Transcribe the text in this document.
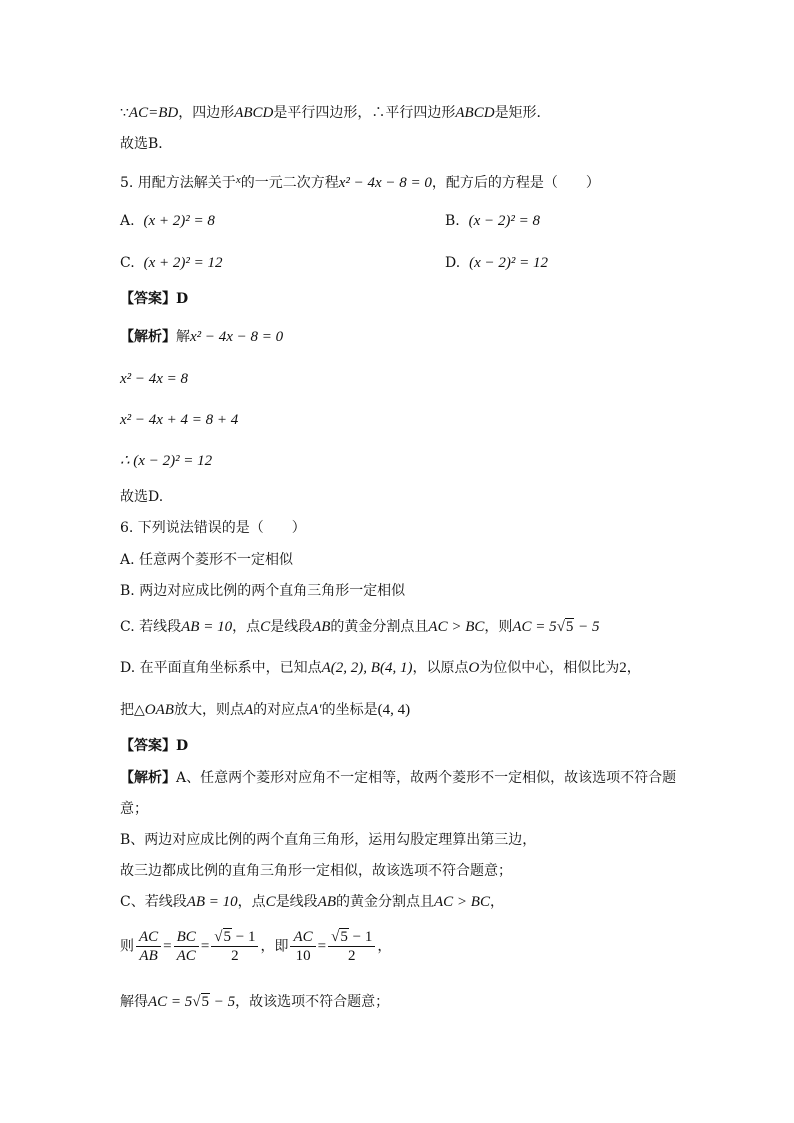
∵AC=BD，四边形ABCD是平行四边形，∴平行四边形ABCD是矩形．
故选B．
5. 用配方法解关于$^x$的一元二次方程x² − 4x − 8 = 0，配方后的方程是（　　）
A. (x + 2)² = 8	B. (x − 2)² = 8
C. (x + 2)² = 12	D. (x − 2)² = 12
【答案】D
【解析】解x² − 4x − 8 = 0
x² − 4x = 8
x² − 4x + 4 = 8 + 4
∴ (x − 2)² = 12
故选D.
6. 下列说法错误的是（　　）
A. 任意两个菱形不一定相似
B. 两边对应成比例的两个直角三角形一定相似
C. 若线段AB = 10，点C是线段AB的黄金分割点且AC > BC，则AC = 5√5 − 5
D. 在平面直角坐标系中，已知点A(2, 2), B(4, 1)，以原点O为位似中心，相似比为2，
把△OAB放大，则点A的对应点A′的坐标是(4, 4)
【答案】D
【解析】A、任意两个菱形对应角不一定相等，故两个菱形不一定相似，故该选项不符合题
意；
B、两边对应成比例的两个直角三角形，运用勾股定理算出第三边，
故三边都成比例的直角三角形一定相似，故该选项不符合题意；
C、若线段AB = 10，点C是线段AB的黄金分割点且AC > BC，
则 $\frac{AC}{AB} = \frac{BC}{AC} = \frac{√5 - 1}{2}$ ，即 $\frac{AC}{10} = \frac{√5 - 1}{2}$ ，
解得AC = 5√5 − 5，故该选项不符合题意；
